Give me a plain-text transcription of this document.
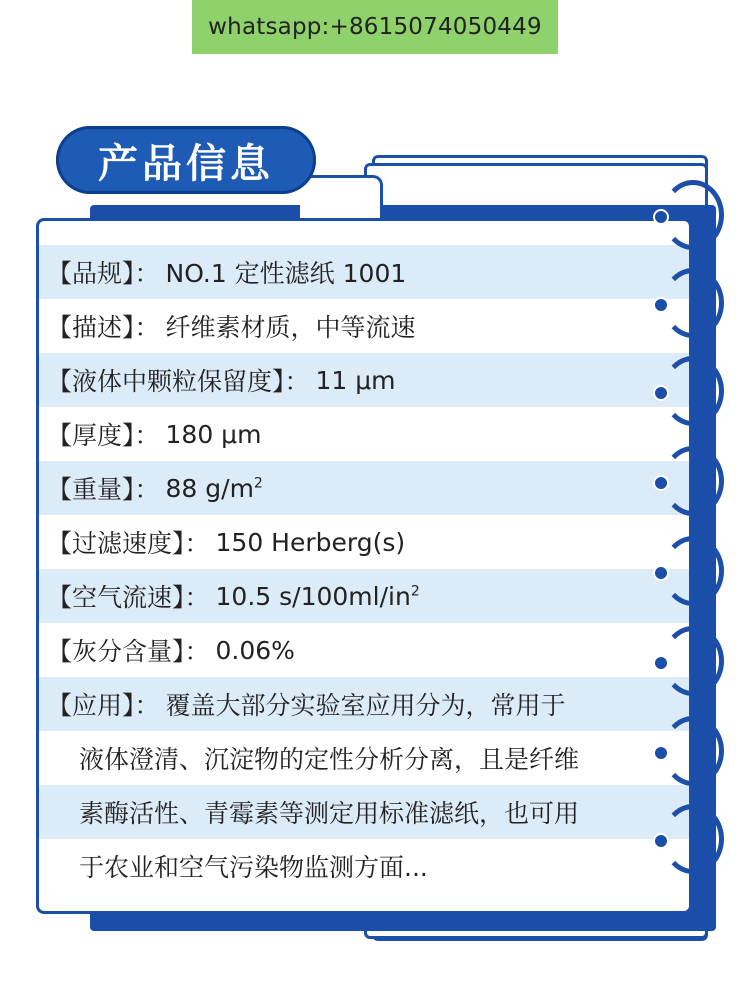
whatsapp:+8615074050449
【品规】： NO.1 定性滤纸 1001
【描述】： 纤维素材质，中等流速
【液体中颗粒保留度】： 11 μm
【厚度】： 180 μm
【重量】： 88 $g/m^2$
【过滤速度】： 150 Herberg(s)
【空气流速】： 10.5 $s/100ml/in^2$
【灰分含量】： 0.06%
【应用】： 覆盖大部分实验室应用分为，常用于
液体澄清、沉淀物的定性分析分离，且是纤维
素酶活性、青霉素等测定用标准滤纸，也可用
于农业和空气污染物监测方面...
产品信息
